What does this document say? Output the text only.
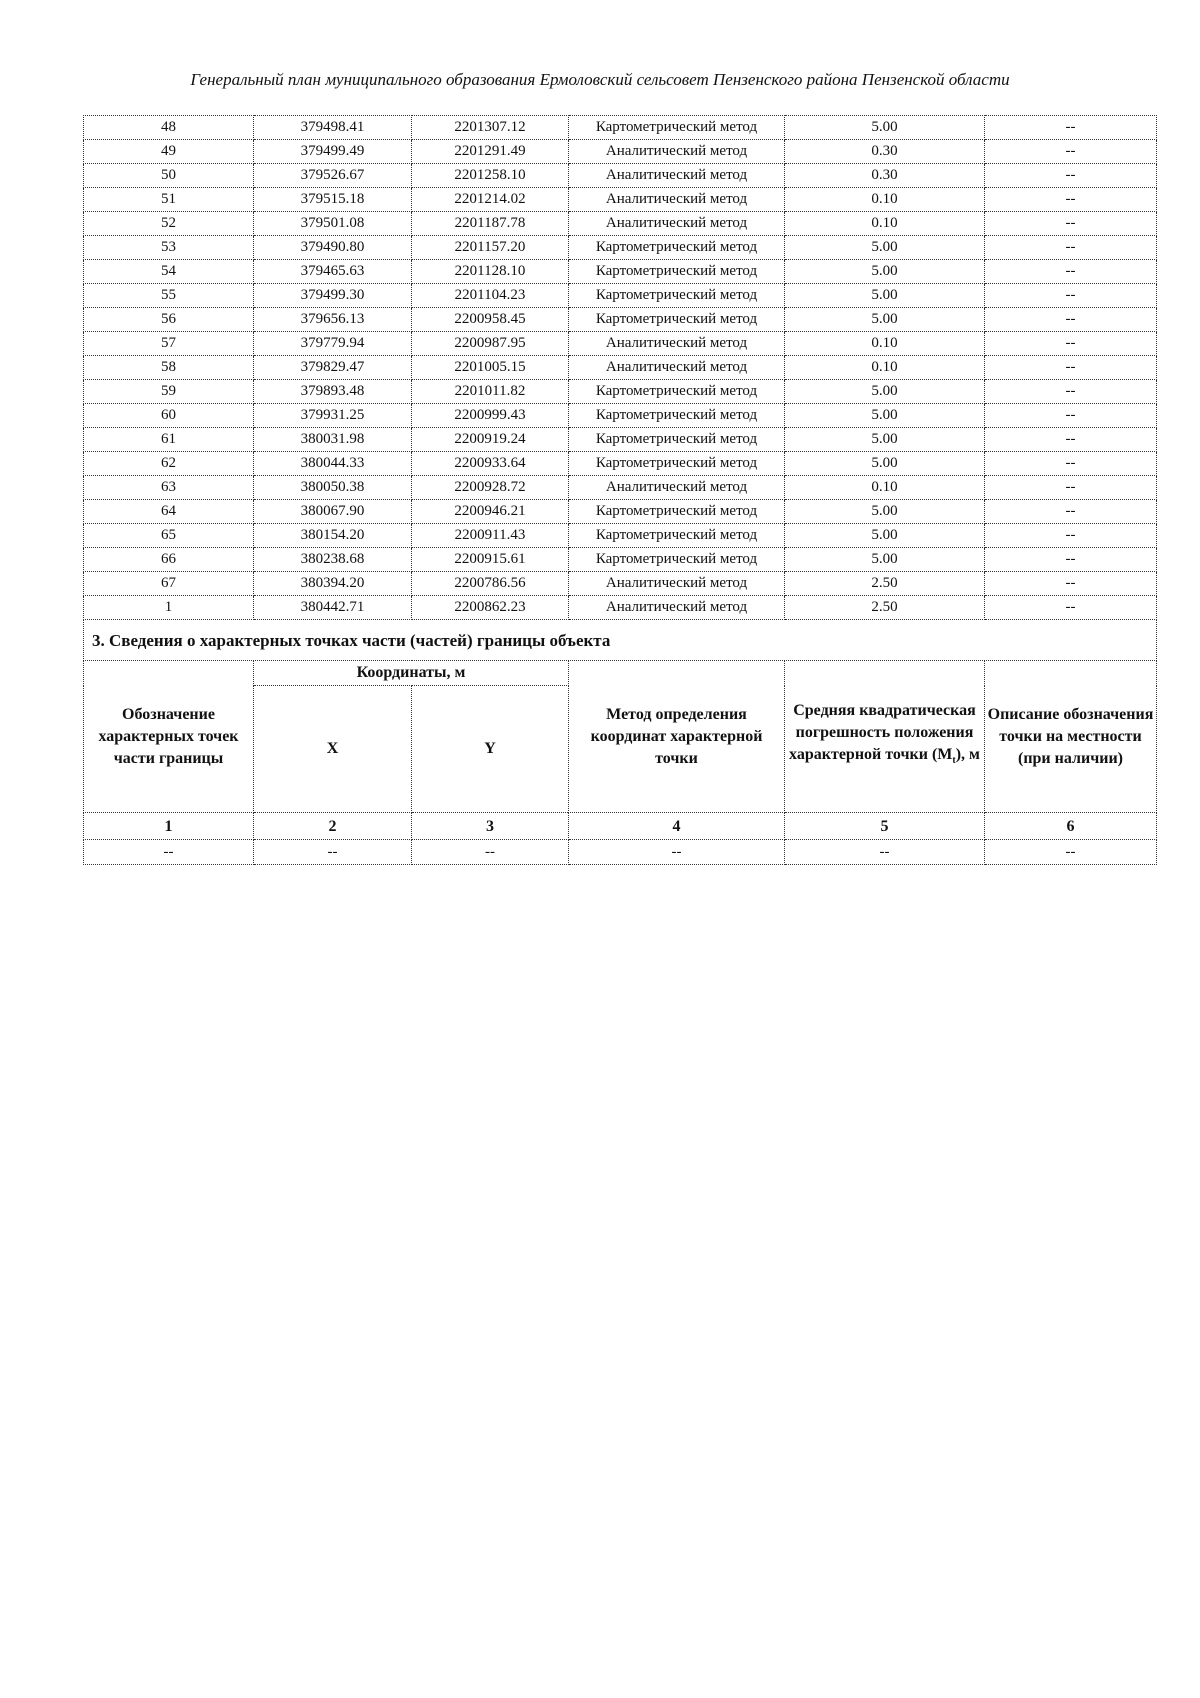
Генеральный план муниципального образования Ермоловский сельсовет Пензенского района Пензенской области
48	379498.41	2201307.12	Картометрический метод	5.00	--
49	379499.49	2201291.49	Аналитический метод	0.30	--
50	379526.67	2201258.10	Аналитический метод	0.30	--
51	379515.18	2201214.02	Аналитический метод	0.10	--
52	379501.08	2201187.78	Аналитический метод	0.10	--
53	379490.80	2201157.20	Картометрический метод	5.00	--
54	379465.63	2201128.10	Картометрический метод	5.00	--
55	379499.30	2201104.23	Картометрический метод	5.00	--
56	379656.13	2200958.45	Картометрический метод	5.00	--
57	379779.94	2200987.95	Аналитический метод	0.10	--
58	379829.47	2201005.15	Аналитический метод	0.10	--
59	379893.48	2201011.82	Картометрический метод	5.00	--
60	379931.25	2200999.43	Картометрический метод	5.00	--
61	380031.98	2200919.24	Картометрический метод	5.00	--
62	380044.33	2200933.64	Картометрический метод	5.00	--
63	380050.38	2200928.72	Аналитический метод	0.10	--
64	380067.90	2200946.21	Картометрический метод	5.00	--
65	380154.20	2200911.43	Картометрический метод	5.00	--
66	380238.68	2200915.61	Картометрический метод	5.00	--
67	380394.20	2200786.56	Аналитический метод	2.50	--
1	380442.71	2200862.23	Аналитический метод	2.50	--
3. Сведения о характерных точках части (частей) границы объекта					
Обозначение характерных точек части границы	Координаты, м		Метод определения координат характерной точки	Средняя квадратическая погрешность положения характерной точки $(M_t)$, м	Описание обозначения точки на местности (при наличии)
	X	Y			
1	2	3	4	5	6
--	--	--	--	--	--
